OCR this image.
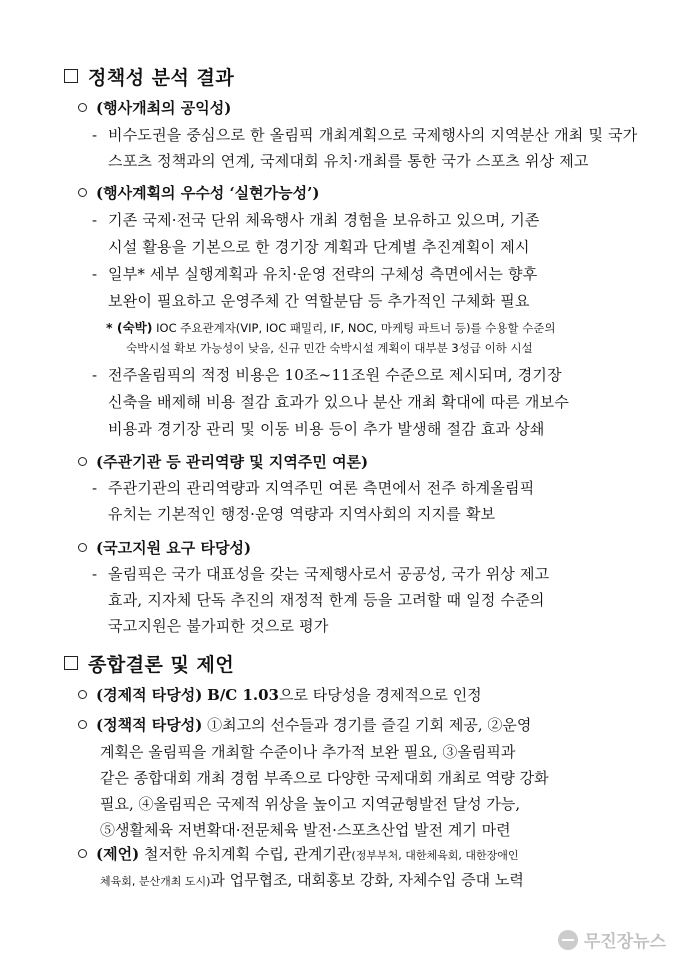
정책성 분석 결과
(행사개최의 공익성)
- 비수도권을 중심으로 한 올림픽 개최계획으로 국제행사의 지역분산 개최 및 국가
스포츠 정책과의 연계, 국제대회 유치·개최를 통한 국가 스포츠 위상 제고
(행사계획의 우수성 ‘실현가능성’)
- 기존 국제·전국 단위 체육행사 개최 경험을 보유하고 있으며, 기존
시설 활용을 기본으로 한 경기장 계획과 단계별 추진계획이 제시
- 일부* 세부 실행계획과 유치·운영 전략의 구체성 측면에서는 향후
보완이 필요하고 운영주체 간 역할분담 등 추가적인 구체화 필요
* (숙박) IOC 주요관계자(VIP, IOC 패밀리, IF, NOC, 마케팅 파트너 등)를 수용할 수준의
숙박시설 확보 가능성이 낮음, 신규 민간 숙박시설 계획이 대부분 3성급 이하 시설
- 전주올림픽의 적정 비용은 10조~11조원 수준으로 제시되며, 경기장
신축을 배제해 비용 절감 효과가 있으나 분산 개최 확대에 따른 개보수
비용과 경기장 관리 및 이동 비용 등이 추가 발생해 절감 효과 상쇄
(주관기관 등 관리역량 및 지역주민 여론)
- 주관기관의 관리역량과 지역주민 여론 측면에서 전주 하계올림픽
유치는 기본적인 행정·운영 역량과 지역사회의 지지를 확보
(국고지원 요구 타당성)
- 올림픽은 국가 대표성을 갖는 국제행사로서 공공성, 국가 위상 제고
효과, 지자체 단독 추진의 재정적 한계 등을 고려할 때 일정 수준의
국고지원은 불가피한 것으로 평가
종합결론 및 제언
(경제적 타당성) B/C 1.03으로 타당성을 경제적으로 인정
(정책적 타당성) ①최고의 선수들과 경기를 즐길 기회 제공, ②운영
계획은 올림픽을 개최할 수준이나 추가적 보완 필요, ③올림픽과
같은 종합대회 개최 경험 부족으로 다양한 국제대회 개최로 역량 강화
필요, ④올림픽은 국제적 위상을 높이고 지역균형발전 달성 가능,
⑤생활체육 저변확대·전문체육 발전·스포츠산업 발전 계기 마련
(제언) 철저한 유치계획 수립, 관계기관(정부부처, 대한체육회, 대한장애인
체육회, 분산개최 도시)과 업무협조, 대회홍보 강화, 자체수입 증대 노력
무진장뉴스
